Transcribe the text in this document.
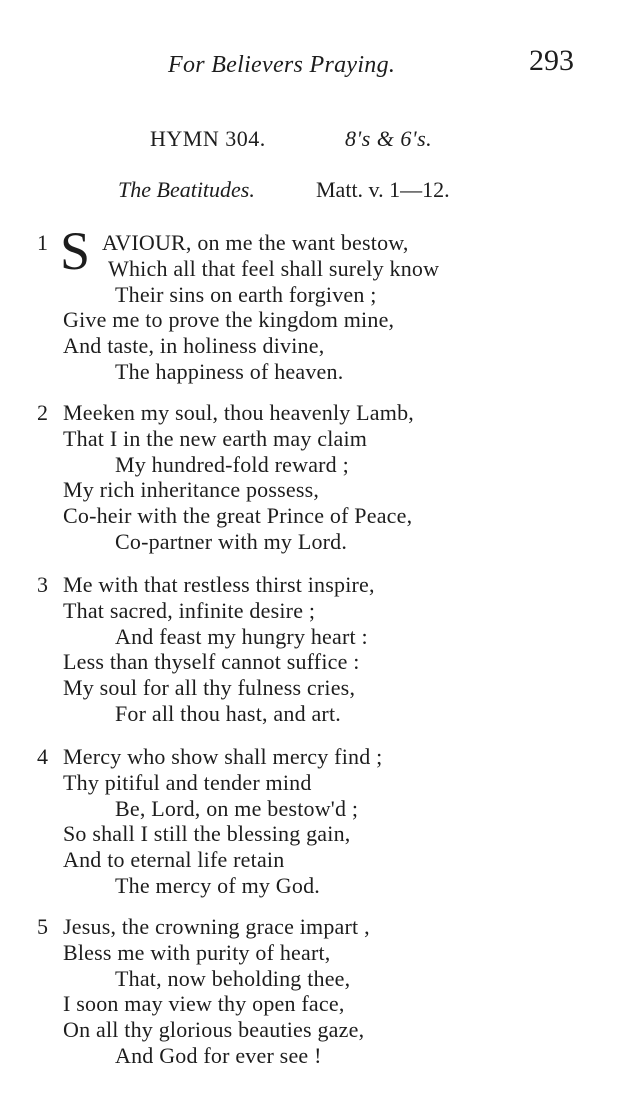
For Believers Praying.	293
HYMN 304.	8's & 6's.
The Beatitudes.	Matt. v. 1—12.
1 S AVIOUR, on me the want bestow,
Which all that feel shall surely know
Their sins on earth forgiven ;
Give me to prove the kingdom mine,
And taste, in holiness divine,
The happiness of heaven.
2 Meeken my soul, thou heavenly Lamb,
That I in the new earth may claim
My hundred-fold reward ;
My rich inheritance possess,
Co-heir with the great Prince of Peace,
Co-partner with my Lord.
3 Me with that restless thirst inspire,
That sacred, infinite desire ;
And feast my hungry heart :
Less than thyself cannot suffice :
My soul for all thy fulness cries,
For all thou hast, and art.
4 Mercy who show shall mercy find ;
Thy pitiful and tender mind
Be, Lord, on me bestow'd ;
So shall I still the blessing gain,
And to eternal life retain
The mercy of my God.
5 Jesus, the crowning grace impart ,
Bless me with purity of heart,
That, now beholding thee,
I soon may view thy open face,
On all thy glorious beauties gaze,
And God for ever see !
